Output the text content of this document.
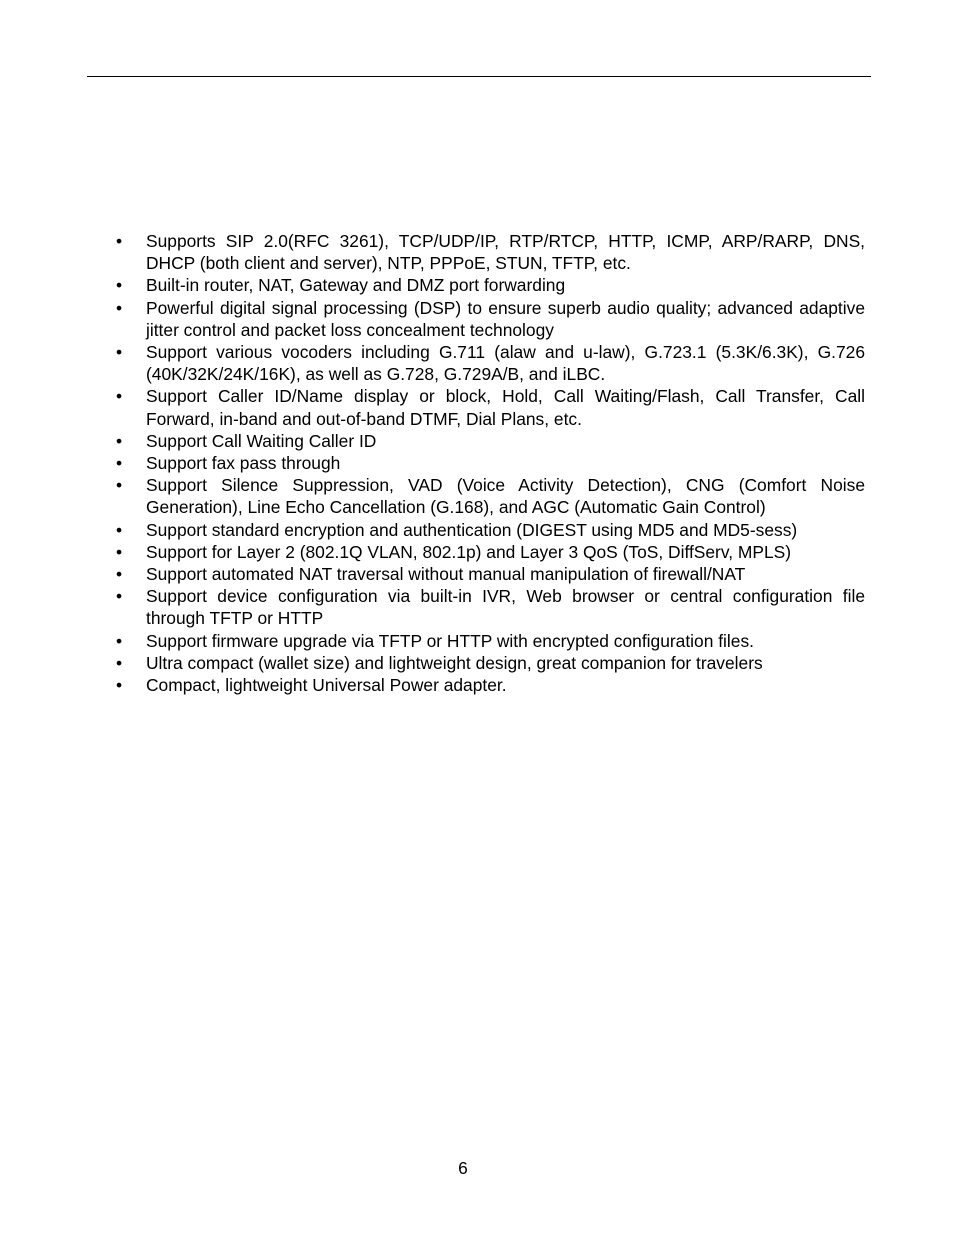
•	Supports SIP 2.0(RFC 3261), TCP/UDP/IP, RTP/RTCP, HTTP, ICMP, ARP/RARP, DNS, DHCP (both client and server), NTP, PPPoE, STUN, TFTP, etc.
•	Built-in router, NAT, Gateway and DMZ port forwarding
•	Powerful digital signal processing (DSP) to ensure superb audio quality; advanced adaptive jitter control and packet loss concealment technology
•	Support various vocoders including G.711 (alaw and u-law), G.723.1 (5.3K/6.3K), G.726 (40K/32K/24K/16K), as well as G.728, G.729A/B, and iLBC.
•	Support Caller ID/Name display or block, Hold, Call Waiting/Flash, Call Transfer, Call Forward, in-band and out-of-band DTMF, Dial Plans, etc.
•	Support Call Waiting Caller ID
•	Support fax pass through
•	Support Silence Suppression, VAD (Voice Activity Detection), CNG (Comfort Noise Generation), Line Echo Cancellation (G.168), and AGC (Automatic Gain Control)
•	Support standard encryption and authentication (DIGEST using MD5 and MD5-sess)
•	Support for Layer 2 (802.1Q VLAN, 802.1p) and Layer 3 QoS (ToS, DiffServ, MPLS)
•	Support automated NAT traversal without manual manipulation of firewall/NAT
•	Support device configuration via built-in IVR, Web browser or central configuration file through TFTP or HTTP
•	Support firmware upgrade via TFTP or HTTP with encrypted configuration files.
•	Ultra compact (wallet size) and lightweight design, great companion for travelers
•	Compact, lightweight Universal Power adapter.
6
